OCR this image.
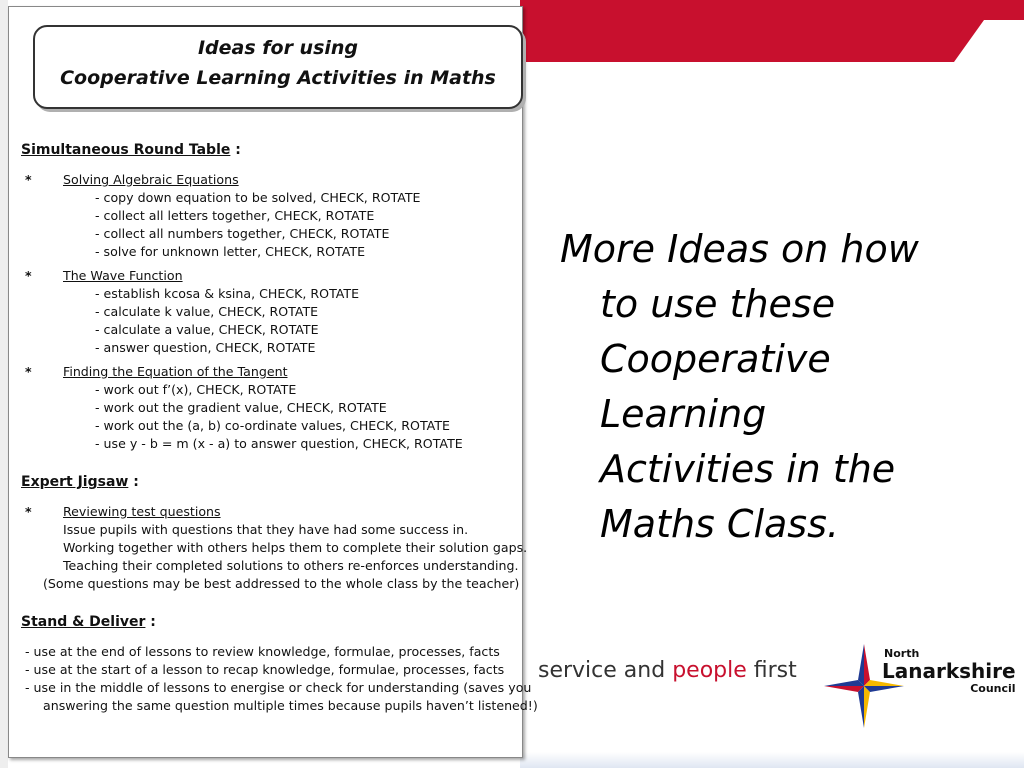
Ideas for using
Cooperative Learning Activities in Maths
Simultaneous Round Table :
* Solving Algebraic Equations
- copy down equation to be solved, CHECK, ROTATE
- collect all letters together, CHECK, ROTATE
- collect all numbers together, CHECK, ROTATE
- solve for unknown letter, CHECK, ROTATE
* The Wave Function
- establish kcosa & ksina, CHECK, ROTATE
- calculate k value, CHECK, ROTATE
- calculate a value, CHECK, ROTATE
- answer question, CHECK, ROTATE
* Finding the Equation of the Tangent
- work out f’(x), CHECK, ROTATE
- work out the gradient value, CHECK, ROTATE
- work out the (a, b) co-ordinate values, CHECK, ROTATE
- use y - b = m (x - a) to answer question, CHECK, ROTATE
Expert Jigsaw :
* Reviewing test questions
Issue pupils with questions that they have had some success in.
Working together with others helps them to complete their solution gaps.
Teaching their completed solutions to others re-enforces understanding.
(Some questions may be best addressed to the whole class by the teacher)
Stand & Deliver :
- use at the end of lessons to review knowledge, formulae, processes, facts
- use at the start of a lesson to recap knowledge, formulae, processes, facts
- use in the middle of lessons to energise or check for understanding (saves you
answering the same question multiple times because pupils haven’t listened!)
More Ideas on how
to use these
Cooperative
Learning
Activities in the
Maths Class.
service and people first
North
Lanarkshire
Council
